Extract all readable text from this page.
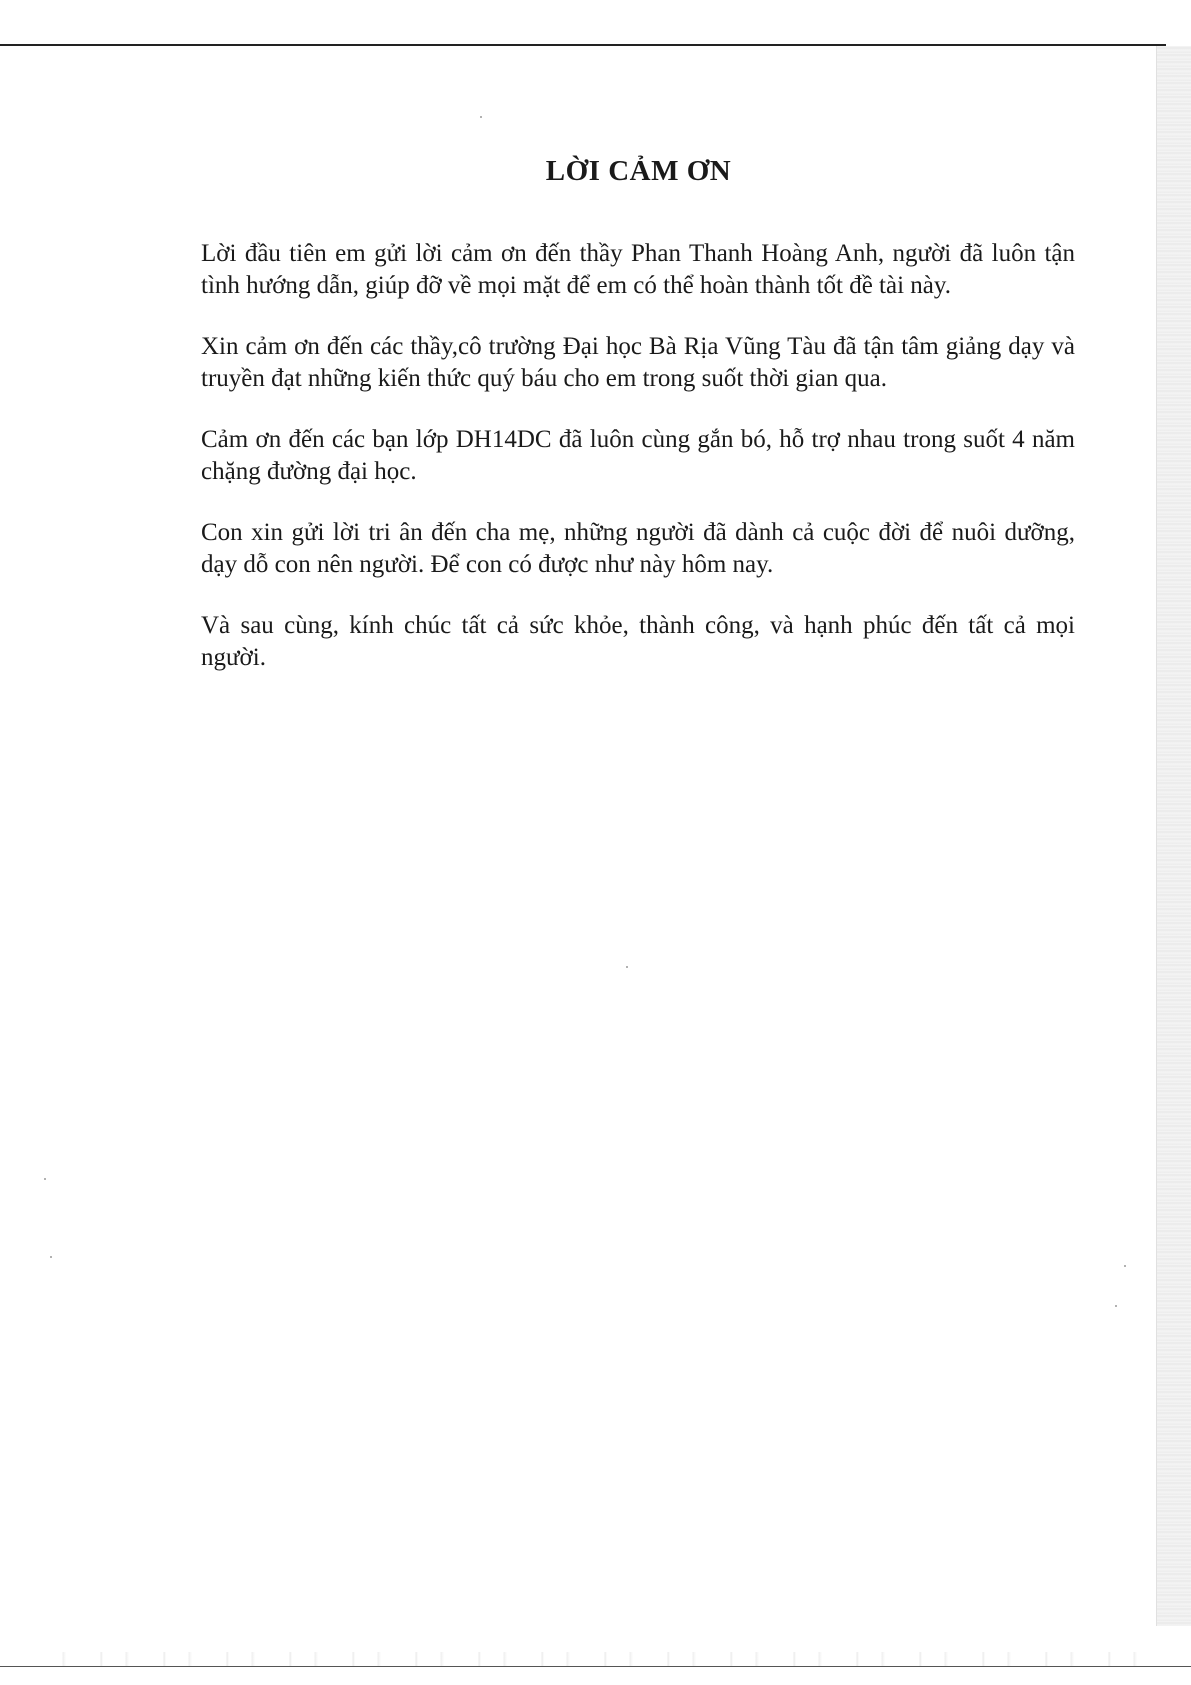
LỜI CẢM ƠN

Lời đầu tiên em gửi lời cảm ơn đến thầy Phan Thanh Hoàng Anh, người đã luôn tận tình hướng dẫn, giúp đỡ về mọi mặt để em có thể hoàn thành tốt đề tài này.

Xin cảm ơn đến các thầy,cô trường Đại học Bà Rịa Vũng Tàu đã tận tâm giảng dạy và truyền đạt những kiến thức quý báu cho em trong suốt thời gian qua.

Cảm ơn đến các bạn lớp DH14DC đã luôn cùng gắn bó, hỗ trợ nhau trong suốt 4 năm chặng đường đại học.

Con xin gửi lời tri ân đến cha mẹ, những người đã dành cả cuộc đời để nuôi dưỡng, dạy dỗ con nên người. Để con có được như này hôm nay.

Và sau cùng, kính chúc tất cả sức khỏe, thành công, và hạnh phúc đến tất cả mọi người.
